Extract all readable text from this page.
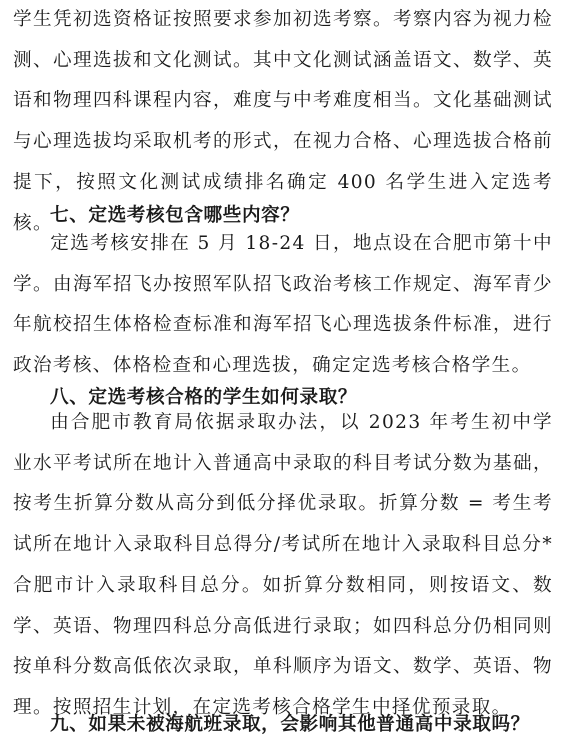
学生凭初选资格证按照要求参加初选考察。考察内容为视力检测、心理选拔和文化测试。其中文化测试涵盖语文、数学、英语和物理四科课程内容，难度与中考难度相当。文化基础测试与心理选拔均采取机考的形式，在视力合格、心理选拔合格前提下，按照文化测试成绩排名确定 400 名学生进入定选考核。
七、定选考核包含哪些内容？
定选考核安排在 5 月 18-24 日，地点设在合肥市第十中学。由海军招飞办按照军队招飞政治考核工作规定、海军青少年航校招生体格检查标准和海军招飞心理选拔条件标准，进行政治考核、体格检查和心理选拔，确定定选考核合格学生。
八、定选考核合格的学生如何录取？
由合肥市教育局依据录取办法，以 2023 年考生初中学业水平考试所在地计入普通高中录取的科目考试分数为基础，按考生折算分数从高分到低分择优录取。折算分数 = 考生考试所在地计入录取科目总得分/考试所在地计入录取科目总分*合肥市计入录取科目总分。如折算分数相同，则按语文、数学、英语、物理四科总分高低进行录取；如四科总分仍相同则按单科分数高低依次录取，单科顺序为语文、数学、英语、物理。按照招生计划，在定选考核合格学生中择优预录取。
九、如果未被海航班录取，会影响其他普通高中录取吗？
